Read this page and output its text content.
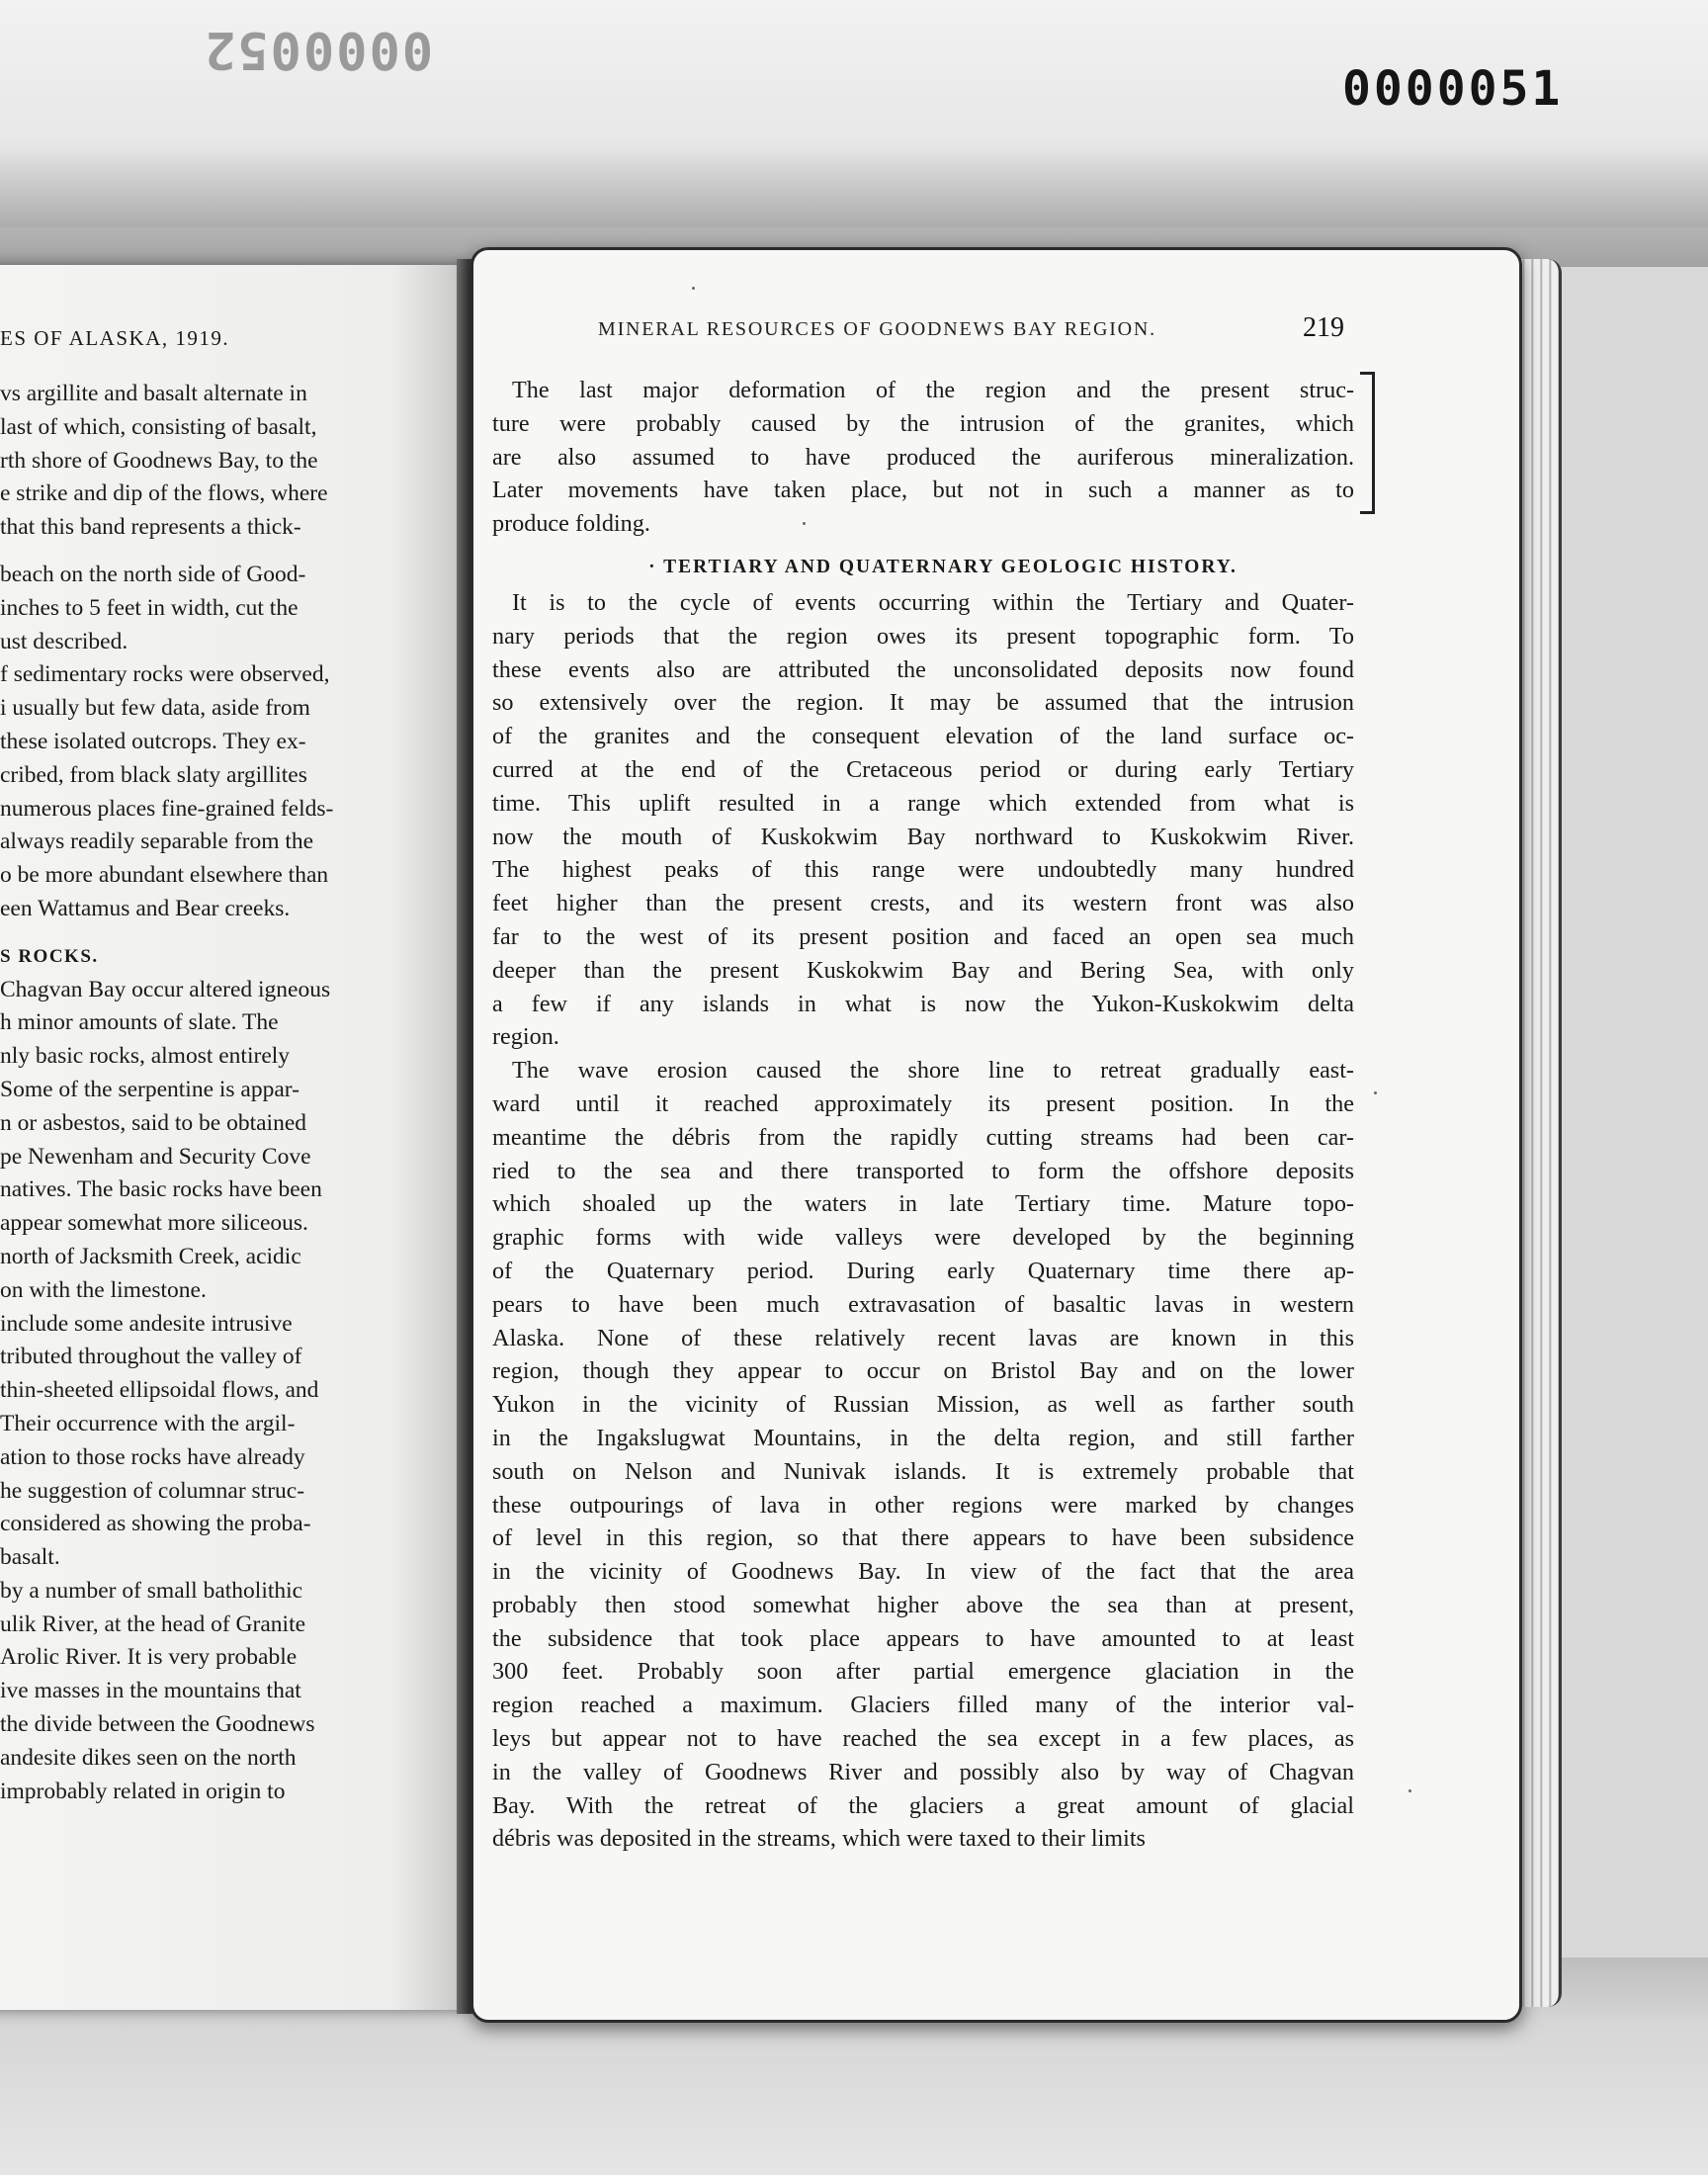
0000052
0000051
ES OF ALASKA, 1919.
vs argillite and basalt alternate in
last of which, consisting of basalt,
rth shore of Goodnews Bay, to the
e strike and dip of the flows, where
that this band represents a thick-
beach on the north side of Good-
inches to 5 feet in width, cut the
ust described.
f sedimentary rocks were observed,
i usually but few data, aside from
these isolated outcrops. They ex-
cribed, from black slaty argillites
numerous places fine-grained felds-
always readily separable from the
o be more abundant elsewhere than
een Wattamus and Bear creeks.
S ROCKS.
Chagvan Bay occur altered igneous
h minor amounts of slate. The
nly basic rocks, almost entirely
Some of the serpentine is appar-
n or asbestos, said to be obtained
pe Newenham and Security Cove
natives. The basic rocks have been
appear somewhat more siliceous.
north of Jacksmith Creek, acidic
on with the limestone.
include some andesite intrusive
tributed throughout the valley of
thin-sheeted ellipsoidal flows, and
Their occurrence with the argil-
ation to those rocks have already
he suggestion of columnar struc-
considered as showing the proba-
basalt.
by a number of small batholithic
ulik River, at the head of Granite
Arolic River. It is very probable
ive masses in the mountains that
the divide between the Goodnews
andesite dikes seen on the north
improbably related in origin to
MINERAL RESOURCES OF GOODNEWS BAY REGION.	219
The last major deformation of the region and the present struc-
ture were probably caused by the intrusion of the granites, which
are also assumed to have produced the auriferous mineralization.
Later movements have taken place, but not in such a manner as to
produce folding.
· TERTIARY AND QUATERNARY GEOLOGIC HISTORY.
It is to the cycle of events occurring within the Tertiary and Quater-
nary periods that the region owes its present topographic form. To
these events also are attributed the unconsolidated deposits now found
so extensively over the region. It may be assumed that the intrusion
of the granites and the consequent elevation of the land surface oc-
curred at the end of the Cretaceous period or during early Tertiary
time. This uplift resulted in a range which extended from what is
now the mouth of Kuskokwim Bay northward to Kuskokwim River.
The highest peaks of this range were undoubtedly many hundred
feet higher than the present crests, and its western front was also
far to the west of its present position and faced an open sea much
deeper than the present Kuskokwim Bay and Bering Sea, with only
a few if any islands in what is now the Yukon-Kuskokwim delta
region.
The wave erosion caused the shore line to retreat gradually east-
ward until it reached approximately its present position. In the
meantime the débris from the rapidly cutting streams had been car-
ried to the sea and there transported to form the offshore deposits
which shoaled up the waters in late Tertiary time. Mature topo-
graphic forms with wide valleys were developed by the beginning
of the Quaternary period. During early Quaternary time there ap-
pears to have been much extravasation of basaltic lavas in western
Alaska. None of these relatively recent lavas are known in this
region, though they appear to occur on Bristol Bay and on the lower
Yukon in the vicinity of Russian Mission, as well as farther south
in the Ingakslugwat Mountains, in the delta region, and still farther
south on Nelson and Nunivak islands. It is extremely probable that
these outpourings of lava in other regions were marked by changes
of level in this region, so that there appears to have been subsidence
in the vicinity of Goodnews Bay. In view of the fact that the area
probably then stood somewhat higher above the sea than at present,
the subsidence that took place appears to have amounted to at least
300 feet. Probably soon after partial emergence glaciation in the
region reached a maximum. Glaciers filled many of the interior val-
leys but appear not to have reached the sea except in a few places, as
in the valley of Goodnews River and possibly also by way of Chagvan
Bay. With the retreat of the glaciers a great amount of glacial
débris was deposited in the streams, which were taxed to their limits
